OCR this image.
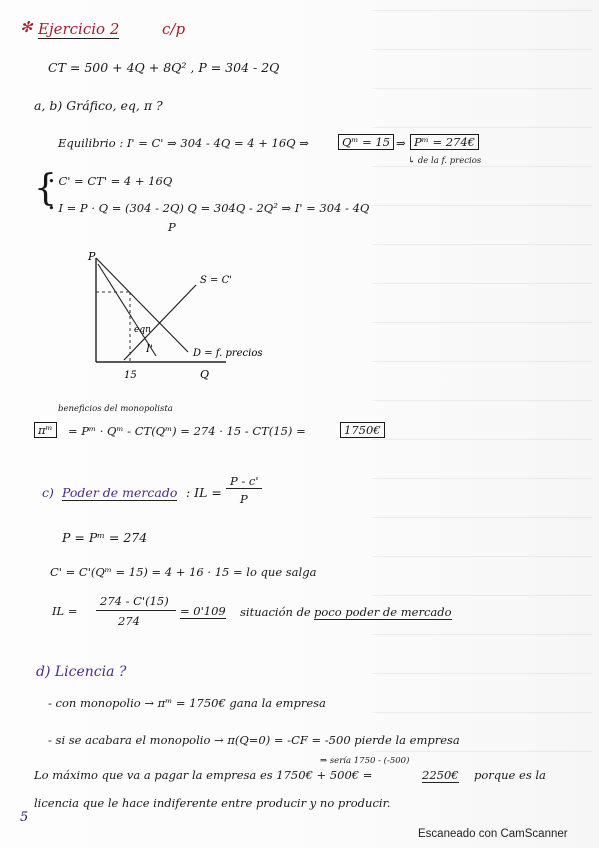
✻ Ejercicio 2	c/p
CT = 500 + 4Q + 8Q² , P = 304 - 2Q
a, b) Gráfico, eq, π ?
Equilibrio : I' = C' ⇒ 304 - 4Q = 4 + 16Q ⇒	Qᵐ = 15 ⇒ Pᵐ = 274€
↳ de la f. precios
{
• C' = CT' = 4 + 16Q
• I = P · Q = (304 - 2Q) Q = 304Q - 2Q² ⇒ I' = 304 - 4Q
P
P
S = C'
eqn
I'	D = f. precios
15	Q
beneficios del monopolista
πᵐ	= Pᵐ · Qᵐ - CT(Qᵐ) = 274 · 15 - CT(15) =	1750€
c) Poder de mercado : IL =
P - c'
P
P = Pᵐ = 274
C' = C'(Qᵐ = 15) = 4 + 16 · 15 = lo que salga
IL =
274 - C'(15)
274
= 0'109 situación de poco poder de mercado
d) Licencia ?
- con monopolio → πᵐ = 1750€ gana la empresa
- si se acabara el monopolio → π(Q=0) = -CF = -500 pierde la empresa
⇒ sería 1750 - (-500)
Lo máximo que va a pagar la empresa es 1750€ + 500€ =	2250€ porque es la
licencia que le hace indiferente entre producir y no producir.
5
Escaneado con CamScanner
